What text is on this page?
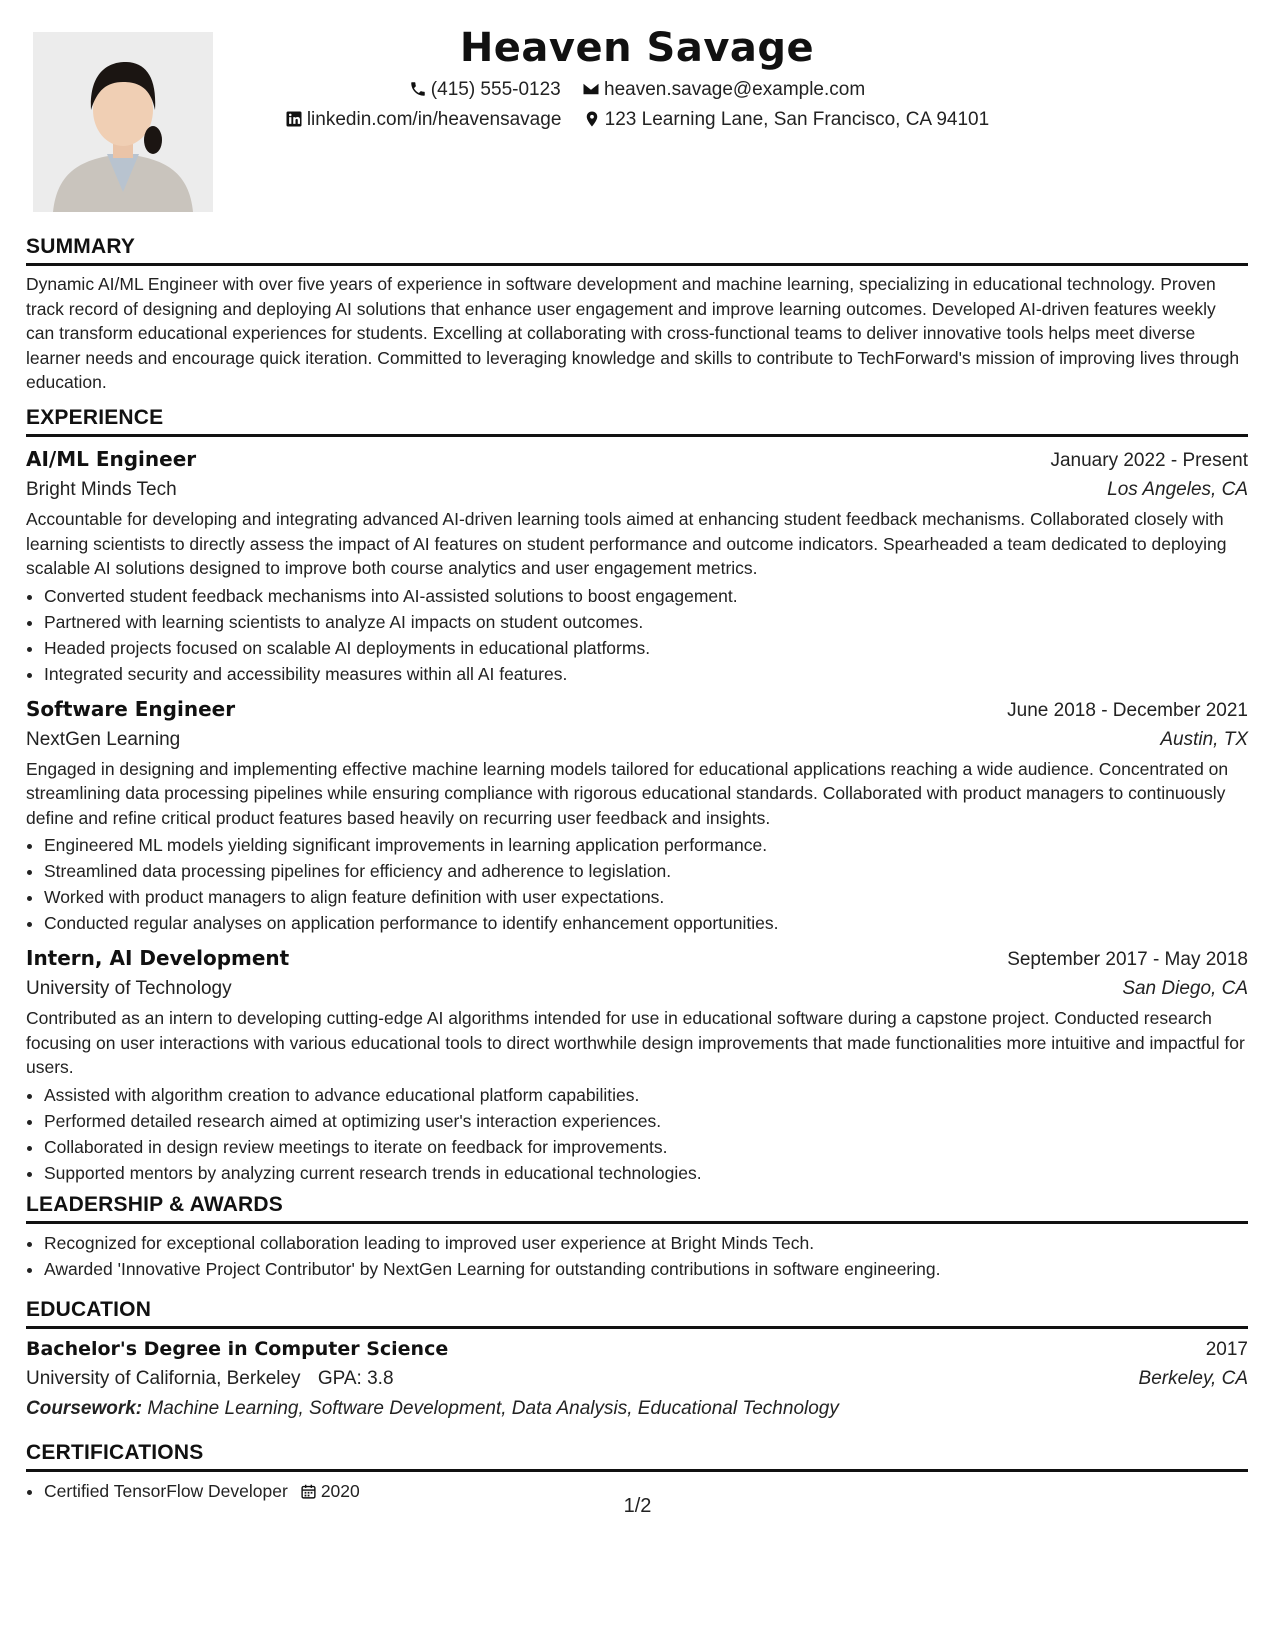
Heaven Savage
(415) 555-0123 heaven.savage@example.com
linkedin.com/in/heavensavage 123 Learning Lane, San Francisco, CA 94101
SUMMARY
Dynamic AI/ML Engineer with over five years of experience in software development and machine learning, specializing in educational technology. Proven track record of designing and deploying AI solutions that enhance user engagement and improve learning outcomes. Developed AI-driven features weekly can transform educational experiences for students. Excelling at collaborating with cross-functional teams to deliver innovative tools helps meet diverse learner needs and encourage quick iteration. Committed to leveraging knowledge and skills to contribute to TechForward's mission of improving lives through education.
EXPERIENCE
AI/ML Engineer	January 2022 - Present
Bright Minds Tech	Los Angeles, CA
Accountable for developing and integrating advanced AI-driven learning tools aimed at enhancing student feedback mechanisms. Collaborated closely with learning scientists to directly assess the impact of AI features on student performance and outcome indicators. Spearheaded a team dedicated to deploying scalable AI solutions designed to improve both course analytics and user engagement metrics.
• Converted student feedback mechanisms into AI-assisted solutions to boost engagement.
• Partnered with learning scientists to analyze AI impacts on student outcomes.
• Headed projects focused on scalable AI deployments in educational platforms.
• Integrated security and accessibility measures within all AI features.
Software Engineer	June 2018 - December 2021
NextGen Learning	Austin, TX
Engaged in designing and implementing effective machine learning models tailored for educational applications reaching a wide audience. Concentrated on streamlining data processing pipelines while ensuring compliance with rigorous educational standards. Collaborated with product managers to continuously define and refine critical product features based heavily on recurring user feedback and insights.
• Engineered ML models yielding significant improvements in learning application performance.
• Streamlined data processing pipelines for efficiency and adherence to legislation.
• Worked with product managers to align feature definition with user expectations.
• Conducted regular analyses on application performance to identify enhancement opportunities.
Intern, AI Development	September 2017 - May 2018
University of Technology	San Diego, CA
Contributed as an intern to developing cutting-edge AI algorithms intended for use in educational software during a capstone project. Conducted research focusing on user interactions with various educational tools to direct worthwhile design improvements that made functionalities more intuitive and impactful for users.
• Assisted with algorithm creation to advance educational platform capabilities.
• Performed detailed research aimed at optimizing user's interaction experiences.
• Collaborated in design review meetings to iterate on feedback for improvements.
• Supported mentors by analyzing current research trends in educational technologies.
LEADERSHIP & AWARDS
• Recognized for exceptional collaboration leading to improved user experience at Bright Minds Tech.
• Awarded 'Innovative Project Contributor' by NextGen Learning for outstanding contributions in software engineering.
EDUCATION
Bachelor's Degree in Computer Science	2017
University of California, Berkeley GPA: 3.8	Berkeley, CA
Coursework: Machine Learning, Software Development, Data Analysis, Educational Technology
CERTIFICATIONS
• Certified TensorFlow Developer 2020
1/2
